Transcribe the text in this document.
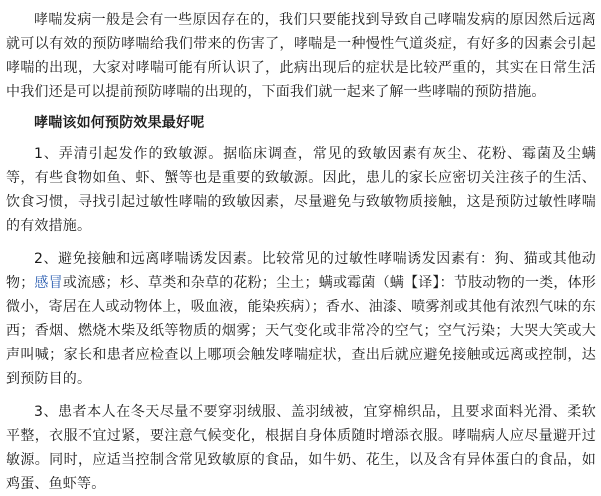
哮喘发病一般是会有一些原因存在的，我们只要能找到导致自己哮喘发病的原因然后远离就可以有效的预防哮喘给我们带来的伤害了，哮喘是一种慢性气道炎症，有好多的因素会引起哮喘的出现，大家对哮喘可能有所认识了，此病出现后的症状是比较严重的，其实在日常生活中我们还是可以提前预防哮喘的出现的，下面我们就一起来了解一些哮喘的预防措施。

哮喘该如何预防效果最好呢

1、弄清引起发作的致敏源。据临床调查，常见的致敏因素有灰尘、花粉、霉菌及尘螨等，有些食物如鱼、虾、蟹等也是重要的致敏源。因此，患儿的家长应密切关注孩子的生活、饮食习惯，寻找引起过敏性哮喘的致敏因素，尽量避免与致敏物质接触，这是预防过敏性哮喘的有效措施。

2、避免接触和远离哮喘诱发因素。比较常见的过敏性哮喘诱发因素有：狗、猫或其他动物；感冒或流感；杉、草类和杂草的花粉；尘土；螨或霉菌（螨【译】：节肢动物的一类，体形微小，寄居在人或动物体上，吸血液，能染疾病）；香水、油漆、喷雾剂或其他有浓烈气味的东西；香烟、燃烧木柴及纸等物质的烟雾；天气变化或非常冷的空气；空气污染；大哭大笑或大声叫喊；家长和患者应检查以上哪项会触发哮喘症状，查出后就应避免接触或远离或控制，达到预防目的。

3、患者本人在冬天尽量不要穿羽绒服、盖羽绒被，宜穿棉织品，且要求面料光滑、柔软平整，衣服不宜过紧，要注意气候变化，根据自身体质随时增添衣服。哮喘病人应尽量避开过敏源。同时，应适当控制含常见致敏原的食品，如牛奶、花生，以及含有异体蛋白的食品，如鸡蛋、鱼虾等。
